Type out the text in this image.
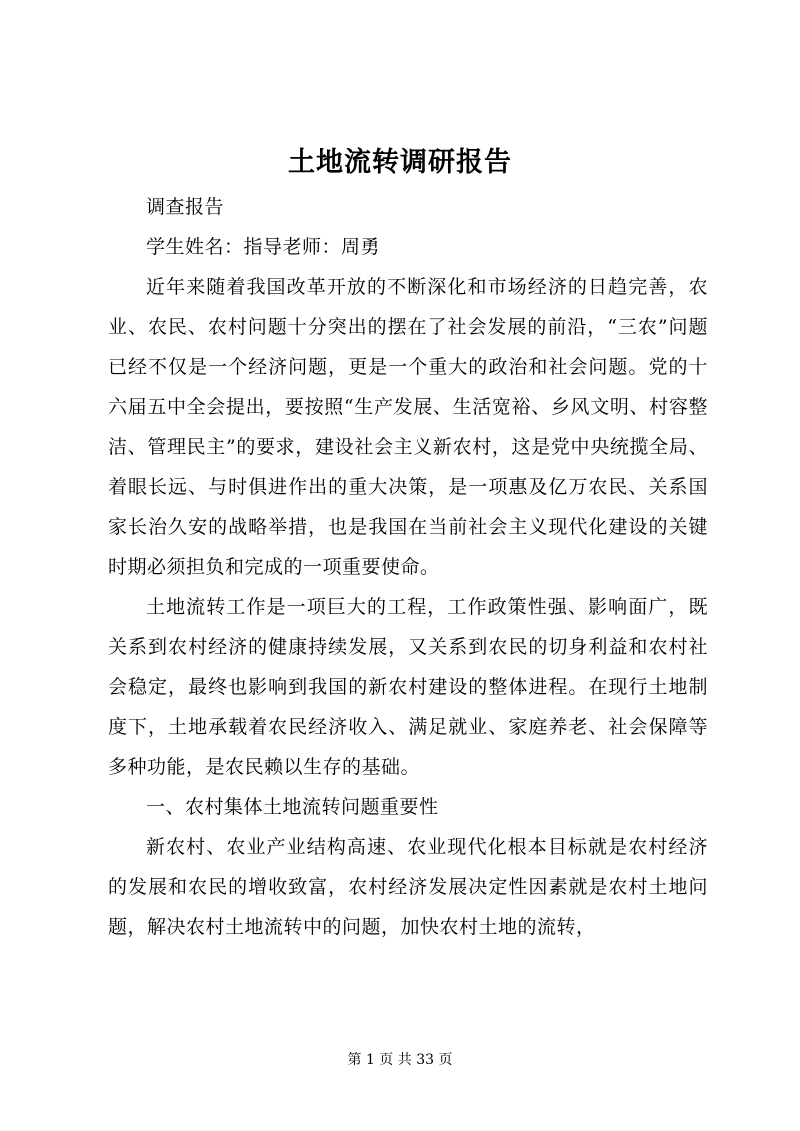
土地流转调研报告

调查报告

学生姓名：指导老师：周勇

近年来随着我国改革开放的不断深化和市场经济的日趋完善，农业、农民、农村问题十分突出的摆在了社会发展的前沿，“三农”问题已经不仅是一个经济问题，更是一个重大的政治和社会问题。党的十六届五中全会提出，要按照“生产发展、生活宽裕、乡风文明、村容整洁、管理民主”的要求，建设社会主义新农村，这是党中央统揽全局、着眼长远、与时俱进作出的重大决策，是一项惠及亿万农民、关系国家长治久安的战略举措，也是我国在当前社会主义现代化建设的关键时期必须担负和完成的一项重要使命。

土地流转工作是一项巨大的工程，工作政策性强、影响面广，既关系到农村经济的健康持续发展，又关系到农民的切身利益和农村社会稳定，最终也影响到我国的新农村建设的整体进程。在现行土地制度下，土地承载着农民经济收入、满足就业、家庭养老、社会保障等多种功能，是农民赖以生存的基础。

一、农村集体土地流转问题重要性

新农村、农业产业结构高速、农业现代化根本目标就是农村经济的发展和农民的增收致富，农村经济发展决定性因素就是农村土地问题，解决农村土地流转中的问题，加快农村土地的流转，

第 1 页 共 33 页
